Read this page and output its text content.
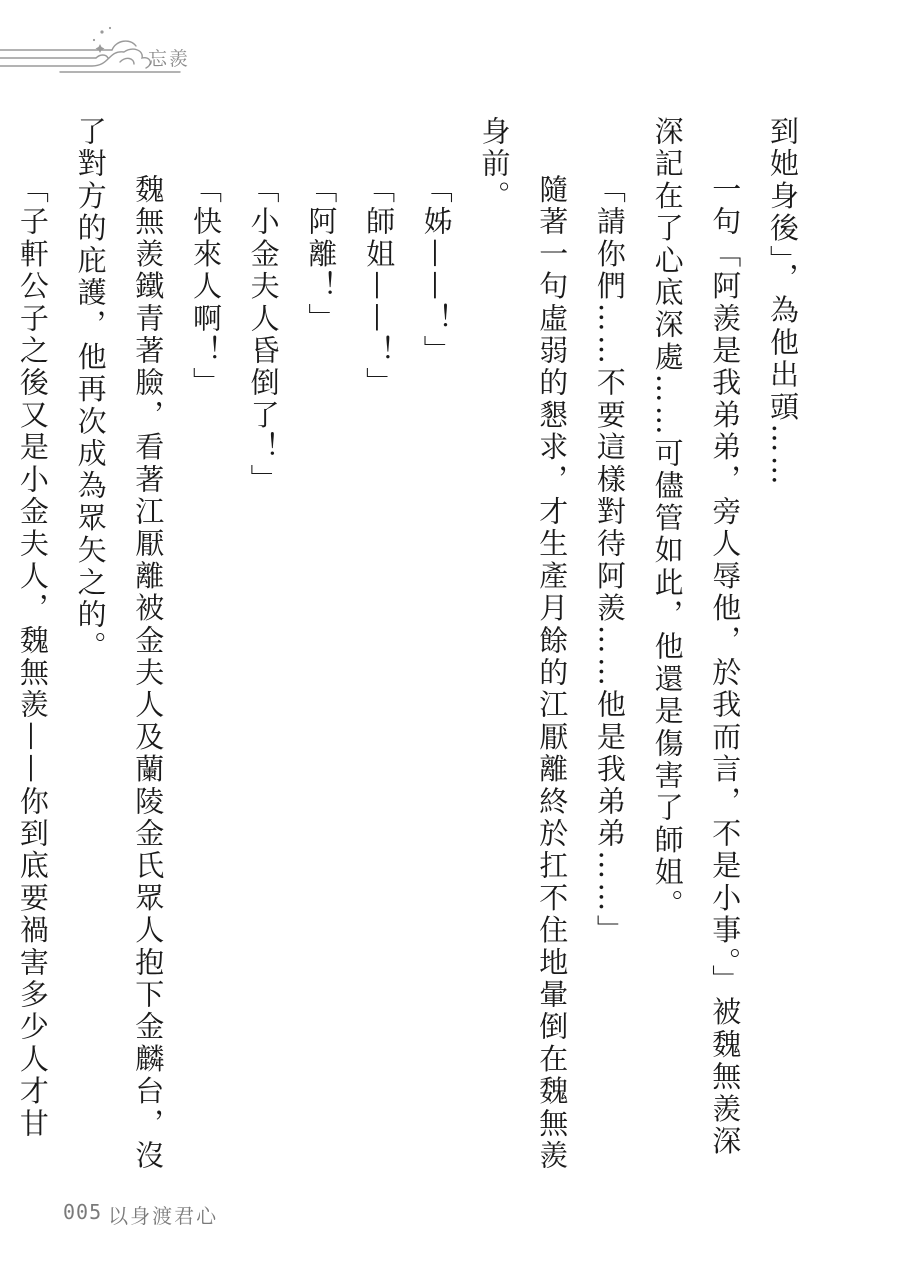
忘羨

到她身後」，為他出頭……

一句「阿羨是我弟弟，旁人辱他，於我而言，不是小事。」被魏無羨深深記在了心底深處……可儘管如此，他還是傷害了師姐。

「請你們……不要這樣對待阿羨……他是我弟弟……」

隨著一句虛弱的懇求，才生產月餘的江厭離終於扛不住地暈倒在魏無羨身前。

「姊——！」

「師姐——！」

「阿離！」

「小金夫人昏倒了！」

「快來人啊！」

魏無羨鐵青著臉，看著江厭離被金夫人及蘭陵金氏眾人抱下金麟台，沒了對方的庇護，他再次成為眾矢之的。

「子軒公子之後又是小金夫人，魏無羨——你到底要禍害多少人才甘

005 以身渡君心
